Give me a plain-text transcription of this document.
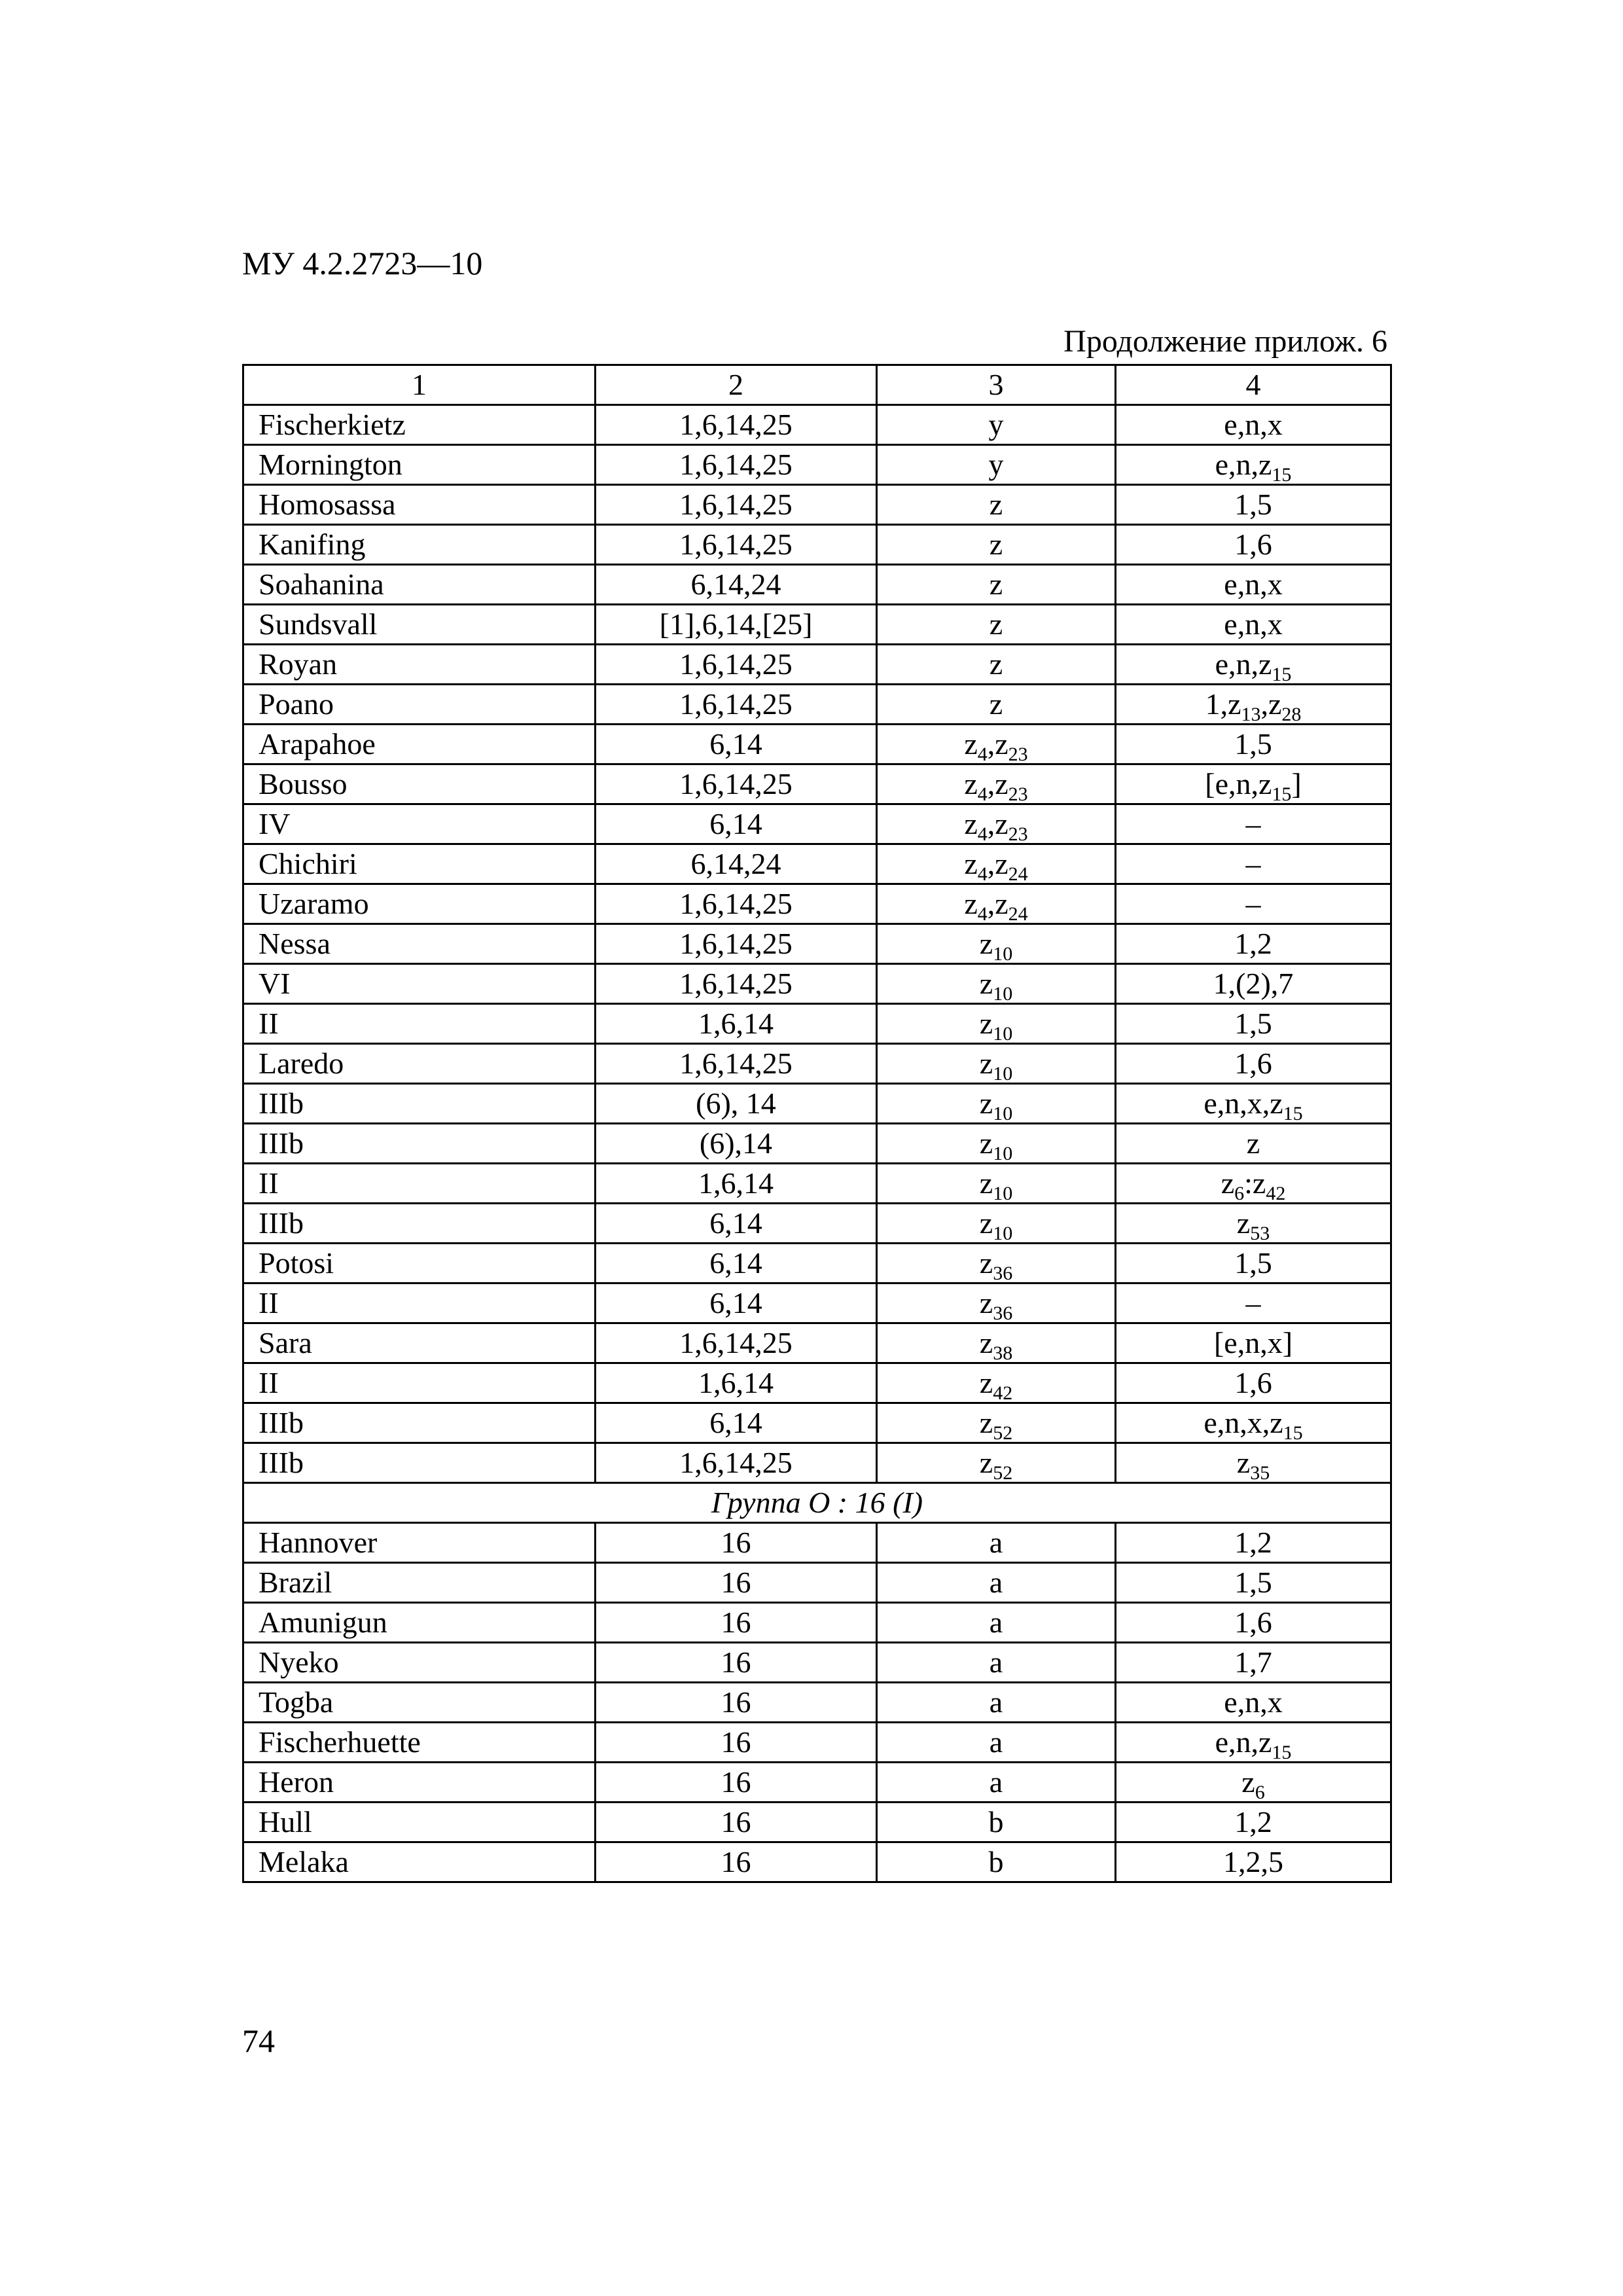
МУ 4.2.2723—10
Продолжение прилож. 6
1	2	3	4
Fischerkietz	1,6,14,25	y	e,n,x
Mornington	1,6,14,25	y	$e,n,z_{15}$
Homosassa	1,6,14,25	z	1,5
Kanifing	1,6,14,25	z	1,6
Soahanina	6,14,24	z	e,n,x
Sundsvall	[1],6,14,[25]	z	e,n,x
Royan	1,6,14,25	z	$e,n,z_{15}$
Poano	1,6,14,25	z	$1,z_{13},z_{28}$
Arapahoe	6,14	$z_4,z_{23}$	1,5
Bousso	1,6,14,25	$z_4,z_{23}$	$[e,n,z_{15}]$
IV	6,14	$z_4,z_{23}$	–
Chichiri	6,14,24	$z_4,z_{24}$	–
Uzaramo	1,6,14,25	$z_4,z_{24}$	–
Nessa	1,6,14,25	$z_{10}$	1,2
VI	1,6,14,25	$z_{10}$	1,(2),7
II	1,6,14	$z_{10}$	1,5
Laredo	1,6,14,25	$z_{10}$	1,6
IIIb	(6), 14	$z_{10}$	$e,n,x,z_{15}$
IIIb	(6),14	$z_{10}$	z
II	1,6,14	$z_{10}$	$z_6:z_{42}$
IIIb	6,14	$z_{10}$	$z_{53}$
Potosi	6,14	$z_{36}$	1,5
II	6,14	$z_{36}$	–
Sara	1,6,14,25	$z_{38}$	[e,n,x]
II	1,6,14	$z_{42}$	1,6
IIIb	6,14	$z_{52}$	$e,n,x,z_{15}$
IIIb	1,6,14,25	$z_{52}$	$z_{35}$
Группа О : 16 (I)			
Hannover	16	a	1,2
Brazil	16	a	1,5
Amunigun	16	a	1,6
Nyeko	16	a	1,7
Togba	16	a	e,n,x
Fischerhuette	16	a	$e,n,z_{15}$
Heron	16	a	$z_6$
Hull	16	b	1,2
Melaka	16	b	1,2,5
74
